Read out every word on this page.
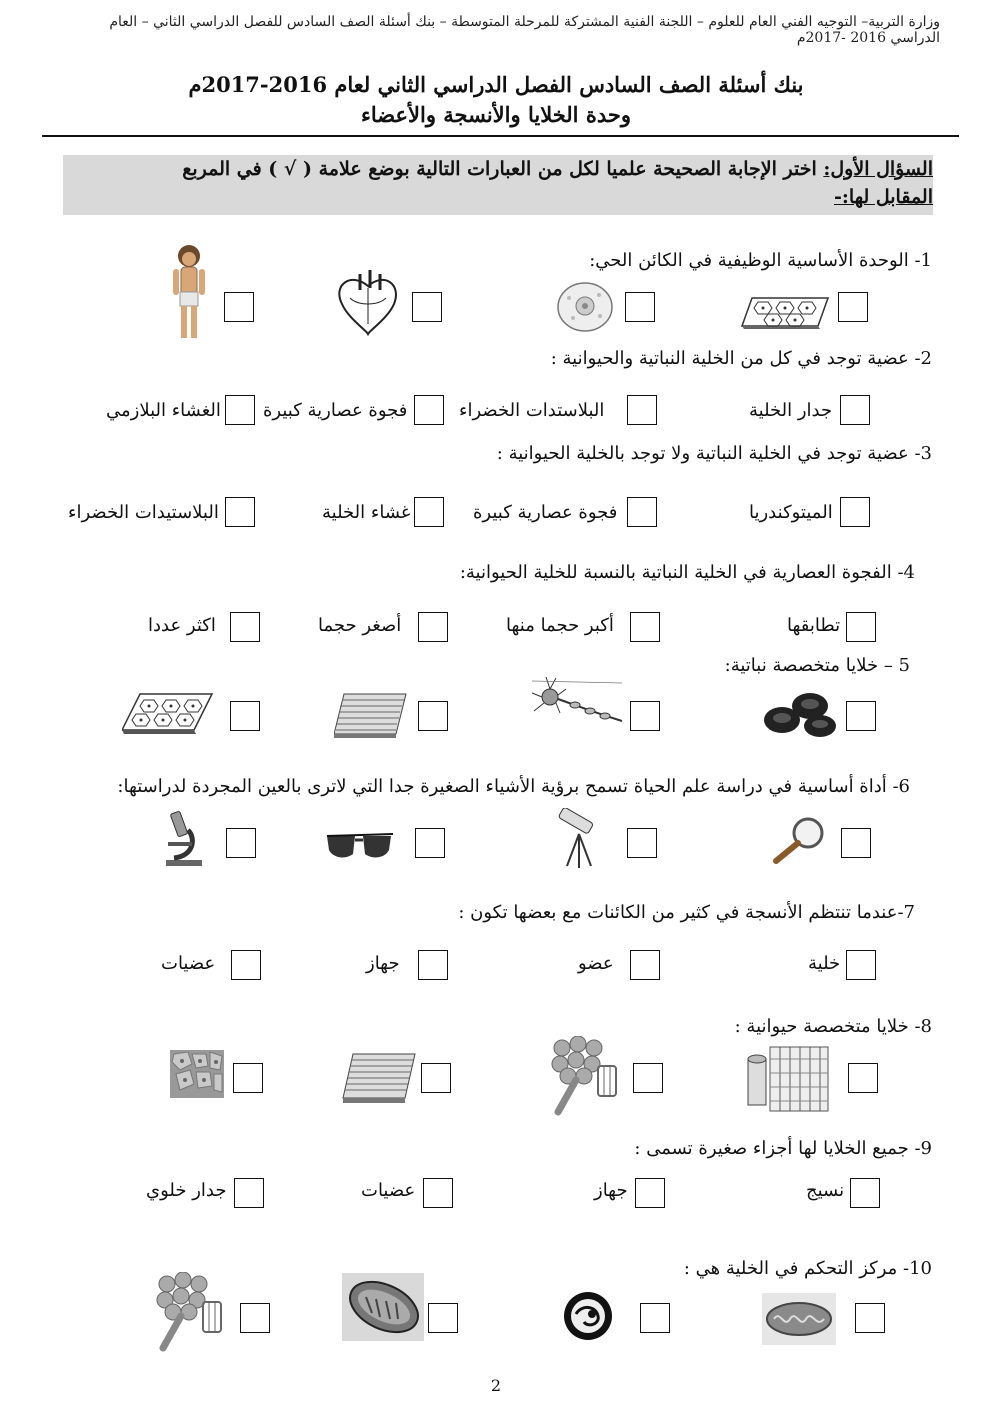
وزارة التربية– التوجيه الفني العام للعلوم – اللجنة الفنية المشتركة للمرحلة المتوسطة – بنك أسئلة الصف السادس للفصل الدراسي الثاني – العام الدراسي 2016 -2017م
بنك أسئلة الصف السادس الفصل الدراسي الثاني لعام 2016-2017م
وحدة الخلايا والأنسجة والأعضاء
السؤال الأول: اختر الإجابة الصحيحة علميا لكل من العبارات التالية بوضع علامة ( √ ) في المربع
المقابل لها:-
1- الوحدة الأساسية الوظيفية في الكائن الحي:
2- عضية توجد في كل من الخلية النباتية والحيوانية :
جدار الخلية
البلاستدات الخضراء
فجوة عصارية كبيرة
الغشاء البلازمي
3- عضية توجد في الخلية النباتية ولا توجد بالخلية الحيوانية :
الميتوكندريا
فجوة عصارية كبيرة
غشاء الخلية
البلاستيدات الخضراء
4- الفجوة العصارية في الخلية النباتية بالنسبة للخلية الحيوانية:
تطابقها
أكبر حجما منها
أصغر حجما
اكثر عددا
5 – خلايا متخصصة نباتية:
6- أداة أساسية في دراسة علم الحياة تسمح برؤية الأشياء الصغيرة جدا التي لاترى بالعين المجردة لدراستها:
7-عندما تنتظم الأنسجة في كثير من الكائنات مع بعضها تكون :
خلية
عضو
جهاز
عضيات
8- خلايا متخصصة حيوانية :
9- جميع الخلايا لها أجزاء صغيرة تسمى :
نسيج
جهاز
عضيات
جدار خلوي
10- مركز التحكم في الخلية هي :
2
